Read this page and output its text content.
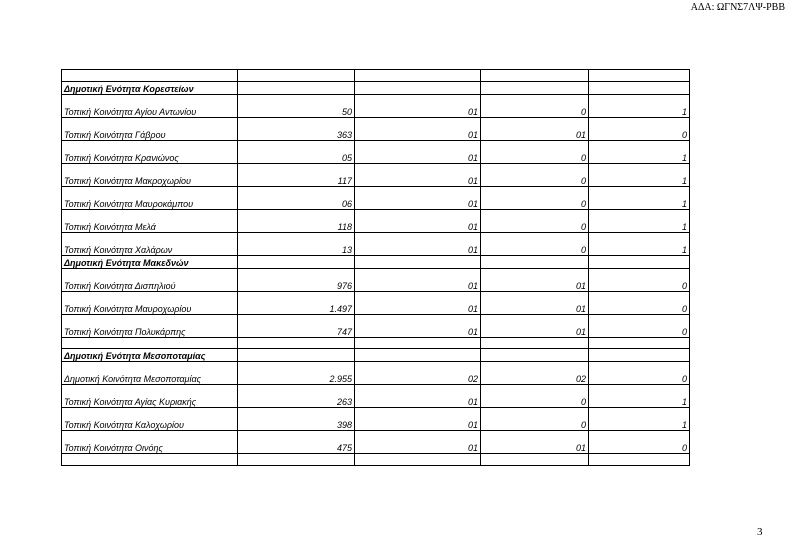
ΑΔΑ: ΩΓΝΣ7ΛΨ-ΡΒΒ

Δημοτική Ενότητα Κορεστείων				
Τοπική Κοινότητα Αγίου Αντωνίου	50	01	0	1
Τοπική Κοινότητα Γάβρου	363	01	01	0
Τοπική Κοινότητα Κρανιώνος	05	01	0	1
Τοπική Κοινότητα Μακροχωρίου	117	01	0	1
Τοπική Κοινότητα Μαυροκάμπου	06	01	0	1
Τοπική Κοινότητα Μελά	118	01	0	1
Τοπική Κοινότητα Χαλάρων	13	01	0	1
Δημοτική Ενότητα Μακεδνών				
Τοπική Κοινότητα Δισπηλιού	976	01	01	0
Τοπική Κοινότητα Μαυροχωρίου	1.497	01	01	0
Τοπική Κοινότητα Πολυκάρπης	747	01	01	0

Δημοτική Ενότητα Μεσοποταμίας				
Δημοτική Κοινότητα Μεσοποταμίας	2.955	02	02	0
Τοπική Κοινότητα Αγίας Κυριακής	263	01	0	1
Τοπική Κοινότητα Καλοχωρίου	398	01	0	1
Τοπική Κοινότητα Οινόης	475	01	01	0

3
